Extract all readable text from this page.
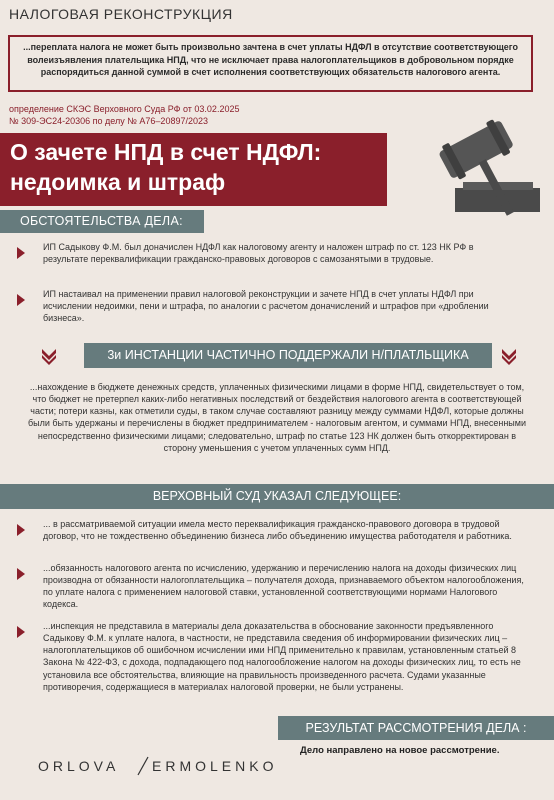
НАЛОГОВАЯ РЕКОНСТРУКЦИЯ
...переплата налога не может быть произвольно зачтена в счет уплаты НДФЛ в отсутствие соответствующего волеизъявления плательщика НПД, что не исключает права налогоплательщиков в добровольном порядке распорядиться данной суммой в счет исполнения соответствующих обязательств налогового агента.
определение СКЭС Верховного Суда РФ от 03.02.2025
№ 309-ЭС24-20306 по делу № А76–20897/2023
О зачете НПД в счет НДФЛ:
недоимка и штраф
ОБСТОЯТЕЛЬСТВА ДЕЛА:
ИП Садыкову Ф.М. был доначислен НДФЛ как налоговому агенту и наложен штраф по ст. 123 НК РФ в результате переквалификации гражданско-правовых договоров с самозанятыми в трудовые.
ИП настаивал на применении правил налоговой реконструкции и зачете НПД в счет уплаты НДФЛ при исчислении недоимки, пени и штрафа, по аналогии с расчетом доначислений и штрафов при «дроблении бизнеса».
3и ИНСТАНЦИИ ЧАСТИЧНО ПОДДЕРЖАЛИ Н/ПЛАТЛЬЩИКА
...нахождение в бюджете денежных средств, уплаченных физическими лицами в форме НПД, свидетельствует о том, что бюджет не претерпел каких-либо негативных последствий от бездействия налогового агента в соответствующей части; потери казны, как отметили суды, в таком случае составляют разницу между суммами НДФЛ, которые должны были быть удержаны и перечислены в бюджет предпринимателем - налоговым агентом, и суммами НПД, внесенными непосредственно физическими лицами; следовательно, штраф по статье 123 НК должен быть откорректирован в сторону уменьшения с учетом уплаченных сумм НПД.
ВЕРХОВНЫЙ СУД УКАЗАЛ СЛЕДУЮЩЕЕ:
... в рассматриваемой ситуации имела место переквалификация гражданско-правового договора в трудовой договор, что не тождественно объединению бизнеса либо объединению имущества работодателя и работника.
...обязанность налогового агента по исчислению, удержанию и перечислению налога на доходы физических лиц производна от обязанности налогоплательщика – получателя дохода, признаваемого объектом налогообложения, по уплате налога с применением налоговой ставки, установленной соответствующими нормами Налогового кодекса.
...инспекция не представила в материалы дела доказательства в обоснование законности предъявленного Садыкову Ф.М. к уплате налога, в частности, не представила сведения об информировании физических лиц – налогоплательщиков об ошибочном исчислении ими НПД применительно к правилам, установленным статьей 8 Закона № 422-ФЗ, с дохода, подпадающего под налогообложение налогом на доходы физических лиц, то есть не установила все обстоятельства, влияющие на правильность произведенного расчета. Судами указанные противоречия, содержащиеся в материалах налоговой проверки, не были устранены.
РЕЗУЛЬТАТ РАССМОТРЕНИЯ ДЕЛА :
Дело направлено на новое рассмотрение.
ORLOVA ERMOLENKO
